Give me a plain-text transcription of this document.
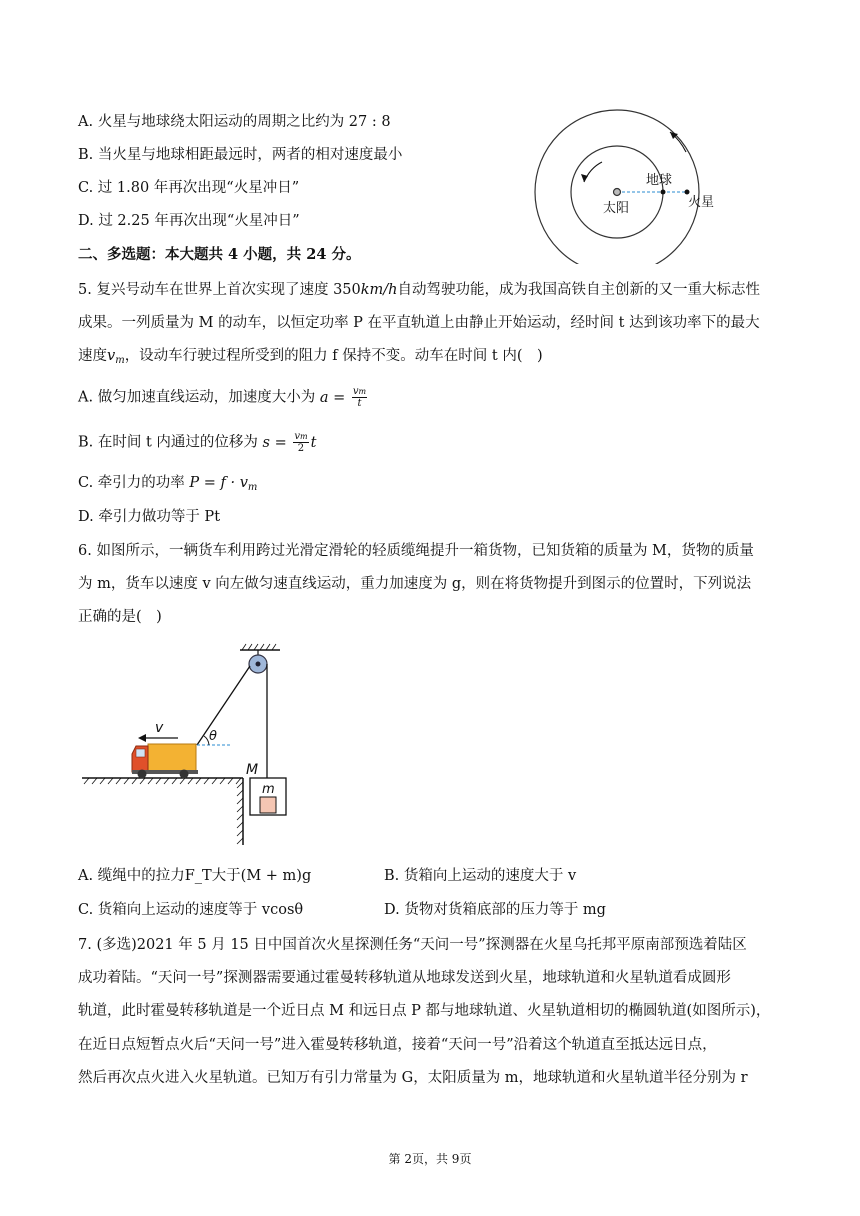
A. 火星与地球绕太阳运动的周期之比约为 27 : 8
B. 当火星与地球相距最远时，两者的相对速度最小
C. 过 1.80 年再次出现“火星冲日”
D. 过 2.25 年再次出现“火星冲日”
太阳
地球
火星
二、多选题：本大题共 4 小题，共 24 分。
5. 复兴号动车在世界上首次实现了速度 350km/h自动驾驶功能，成为我国高铁自主创新的又一重大标志性
成果。一列质量为 M 的动车，以恒定功率 P 在平直轨道上由静止开始运动，经时间 t 达到该功率下的最大
速度$v_m$，设动车行驶过程所受到的阻力 f 保持不变。动车在时间 t 内(　)
A. 做匀加速直线运动，加速度大小为 $a = \frac{vm}{t}$
B. 在时间 t 内通过的位移为 $s = \frac{vm}{2}$ t
C. 牵引力的功率 $P = f \cdot v_m$
D. 牵引力做功等于 Pt
6. 如图所示，一辆货车利用跨过光滑定滑轮的轻质缆绳提升一箱货物，已知货箱的质量为 M，货物的质量
为 m，货车以速度 v 向左做匀速直线运动，重力加速度为 g，则在将货物提升到图示的位置时，下列说法
正确的是(　)
v
θ
M
m
A. 缆绳中的拉力F_T大于(M + m)g	B. 货箱向上运动的速度大于 v
C. 货箱向上运动的速度等于 vcosθ	D. 货物对货箱底部的压力等于 mg
7. (多选)2021 年 5 月 15 日中国首次火星探测任务“天问一号”探测器在火星乌托邦平原南部预选着陆区
成功着陆。“天问一号”探测器需要通过霍曼转移轨道从地球发送到火星，地球轨道和火星轨道看成圆形
轨道，此时霍曼转移轨道是一个近日点 M 和远日点 P 都与地球轨道、火星轨道相切的椭圆轨道(如图所示)，
在近日点短暂点火后“天问一号”进入霍曼转移轨道，接着“天问一号”沿着这个轨道直至抵达远日点，
然后再次点火进入火星轨道。已知万有引力常量为 G，太阳质量为 m，地球轨道和火星轨道半径分别为 r
第 2页，共 9页
